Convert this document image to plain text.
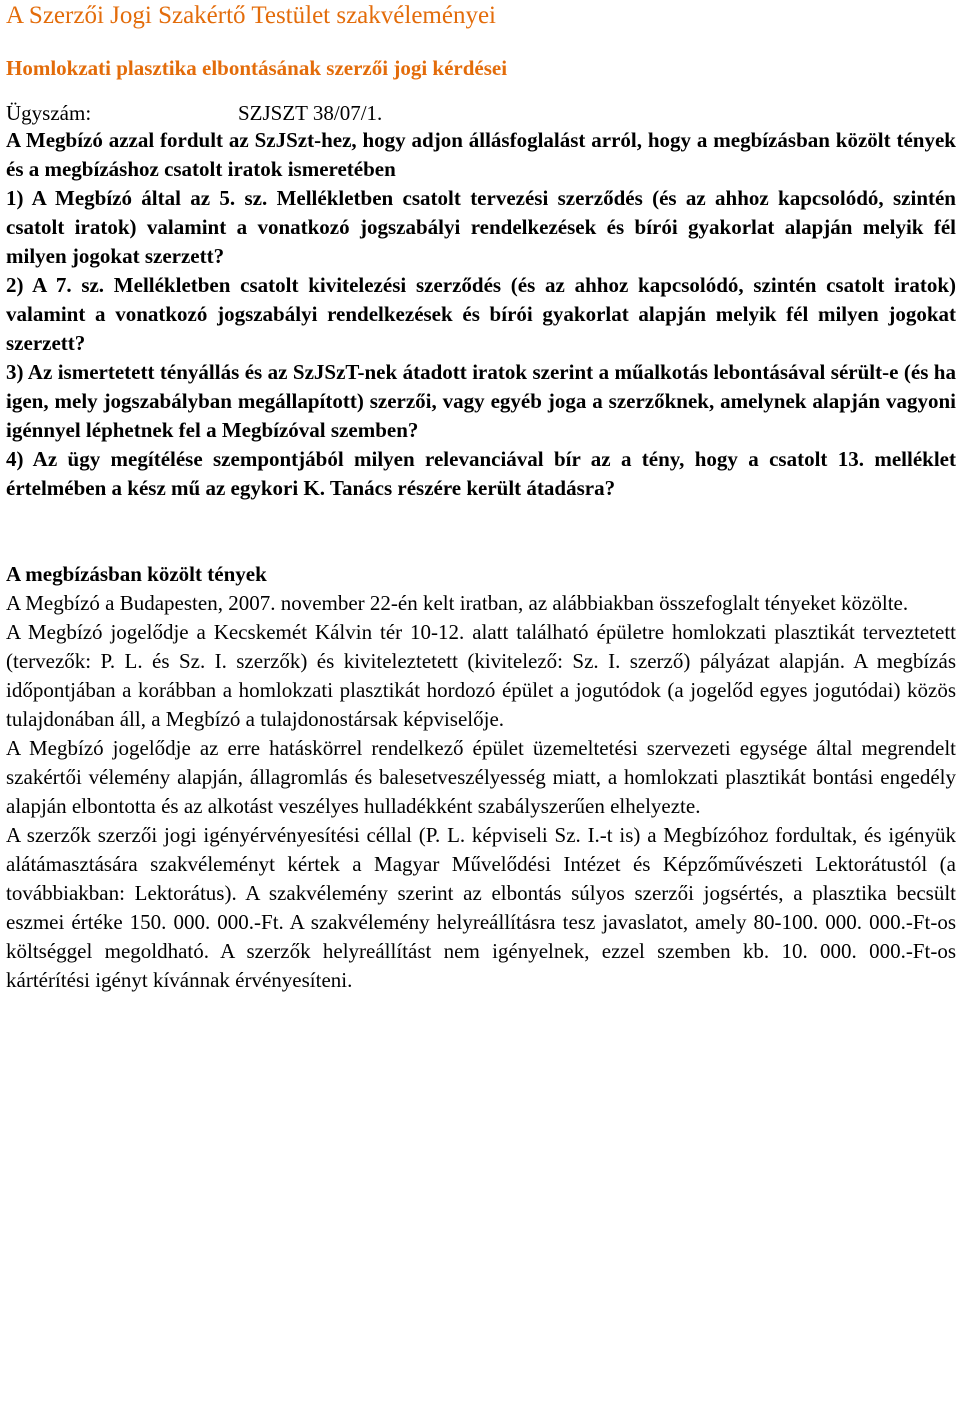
A Szerzői Jogi Szakértő Testület szakvéleményei
Homlokzati plasztika elbontásának szerzői jogi kérdései
Ügyszám:	SZJSZT 38/07/1.

A Megbízó azzal fordult az SzJSzt-hez, hogy adjon állásfoglalást arról, hogy a megbízásban közölt tények és a megbízáshoz csatolt iratok ismeretében

1) A Megbízó által az 5. sz. Mellékletben csatolt tervezési szerződés (és az ahhoz kapcsolódó, szintén csatolt iratok) valamint a vonatkozó jogszabályi rendelkezések és bírói gyakorlat alapján melyik fél milyen jogokat szerzett?

2) A 7. sz. Mellékletben csatolt kivitelezési szerződés (és az ahhoz kapcsolódó, szintén csatolt iratok) valamint a vonatkozó jogszabályi rendelkezések és bírói gyakorlat alapján melyik fél milyen jogokat szerzett?

3) Az ismertetett tényállás és az SzJSzT-nek átadott iratok szerint a műalkotás lebontásával sérült-e (és ha igen, mely jogszabályban megállapított) szerzői, vagy egyéb joga a szerzőknek, amelynek alapján vagyoni igénnyel léphetnek fel a Megbízóval szemben?

4) Az ügy megítélése szempontjából milyen relevanciával bír az a tény, hogy a csatolt 13. melléklet értelmében a kész mű az egykori K. Tanács részére került átadásra?

A megbízásban közölt tények

A Megbízó a Budapesten, 2007. november 22-én kelt iratban, az alábbiakban összefoglalt tényeket közölte.

A Megbízó jogelődje a Kecskemét Kálvin tér 10-12. alatt található épületre homlokzati plasztikát terveztetett (tervezők: P. L. és Sz. I. szerzők) és kiviteleztetett (kivitelező: Sz. I. szerző) pályázat alapján. A megbízás időpontjában a korábban a homlokzati plasztikát hordozó épület a jogutódok (a jogelőd egyes jogutódai) közös tulajdonában áll, a Megbízó a tulajdonostársak képviselője.

A Megbízó jogelődje az erre hatáskörrel rendelkező épület üzemeltetési szervezeti egysége által megrendelt szakértői vélemény alapján, állagromlás és balesetveszélyesség miatt, a homlokzati plasztikát bontási engedély alapján elbontotta és az alkotást veszélyes hulladékként szabályszerűen elhelyezte.

A szerzők szerzői jogi igényérvényesítési céllal (P. L. képviseli Sz. I.-t is) a Megbízóhoz fordultak, és igényük alátámasztására szakvéleményt kértek a Magyar Művelődési Intézet és Képzőművészeti Lektorátustól (a továbbiakban: Lektorátus). A szakvélemény szerint az elbontás súlyos szerzői jogsértés, a plasztika becsült eszmei értéke 150. 000. 000.-Ft. A szakvélemény helyreállításra tesz javaslatot, amely 80-100. 000. 000.-Ft-os költséggel megoldható. A szerzők helyreállítást nem igényelnek, ezzel szemben kb. 10. 000. 000.-Ft-os kártérítési igényt kívánnak érvényesíteni.
